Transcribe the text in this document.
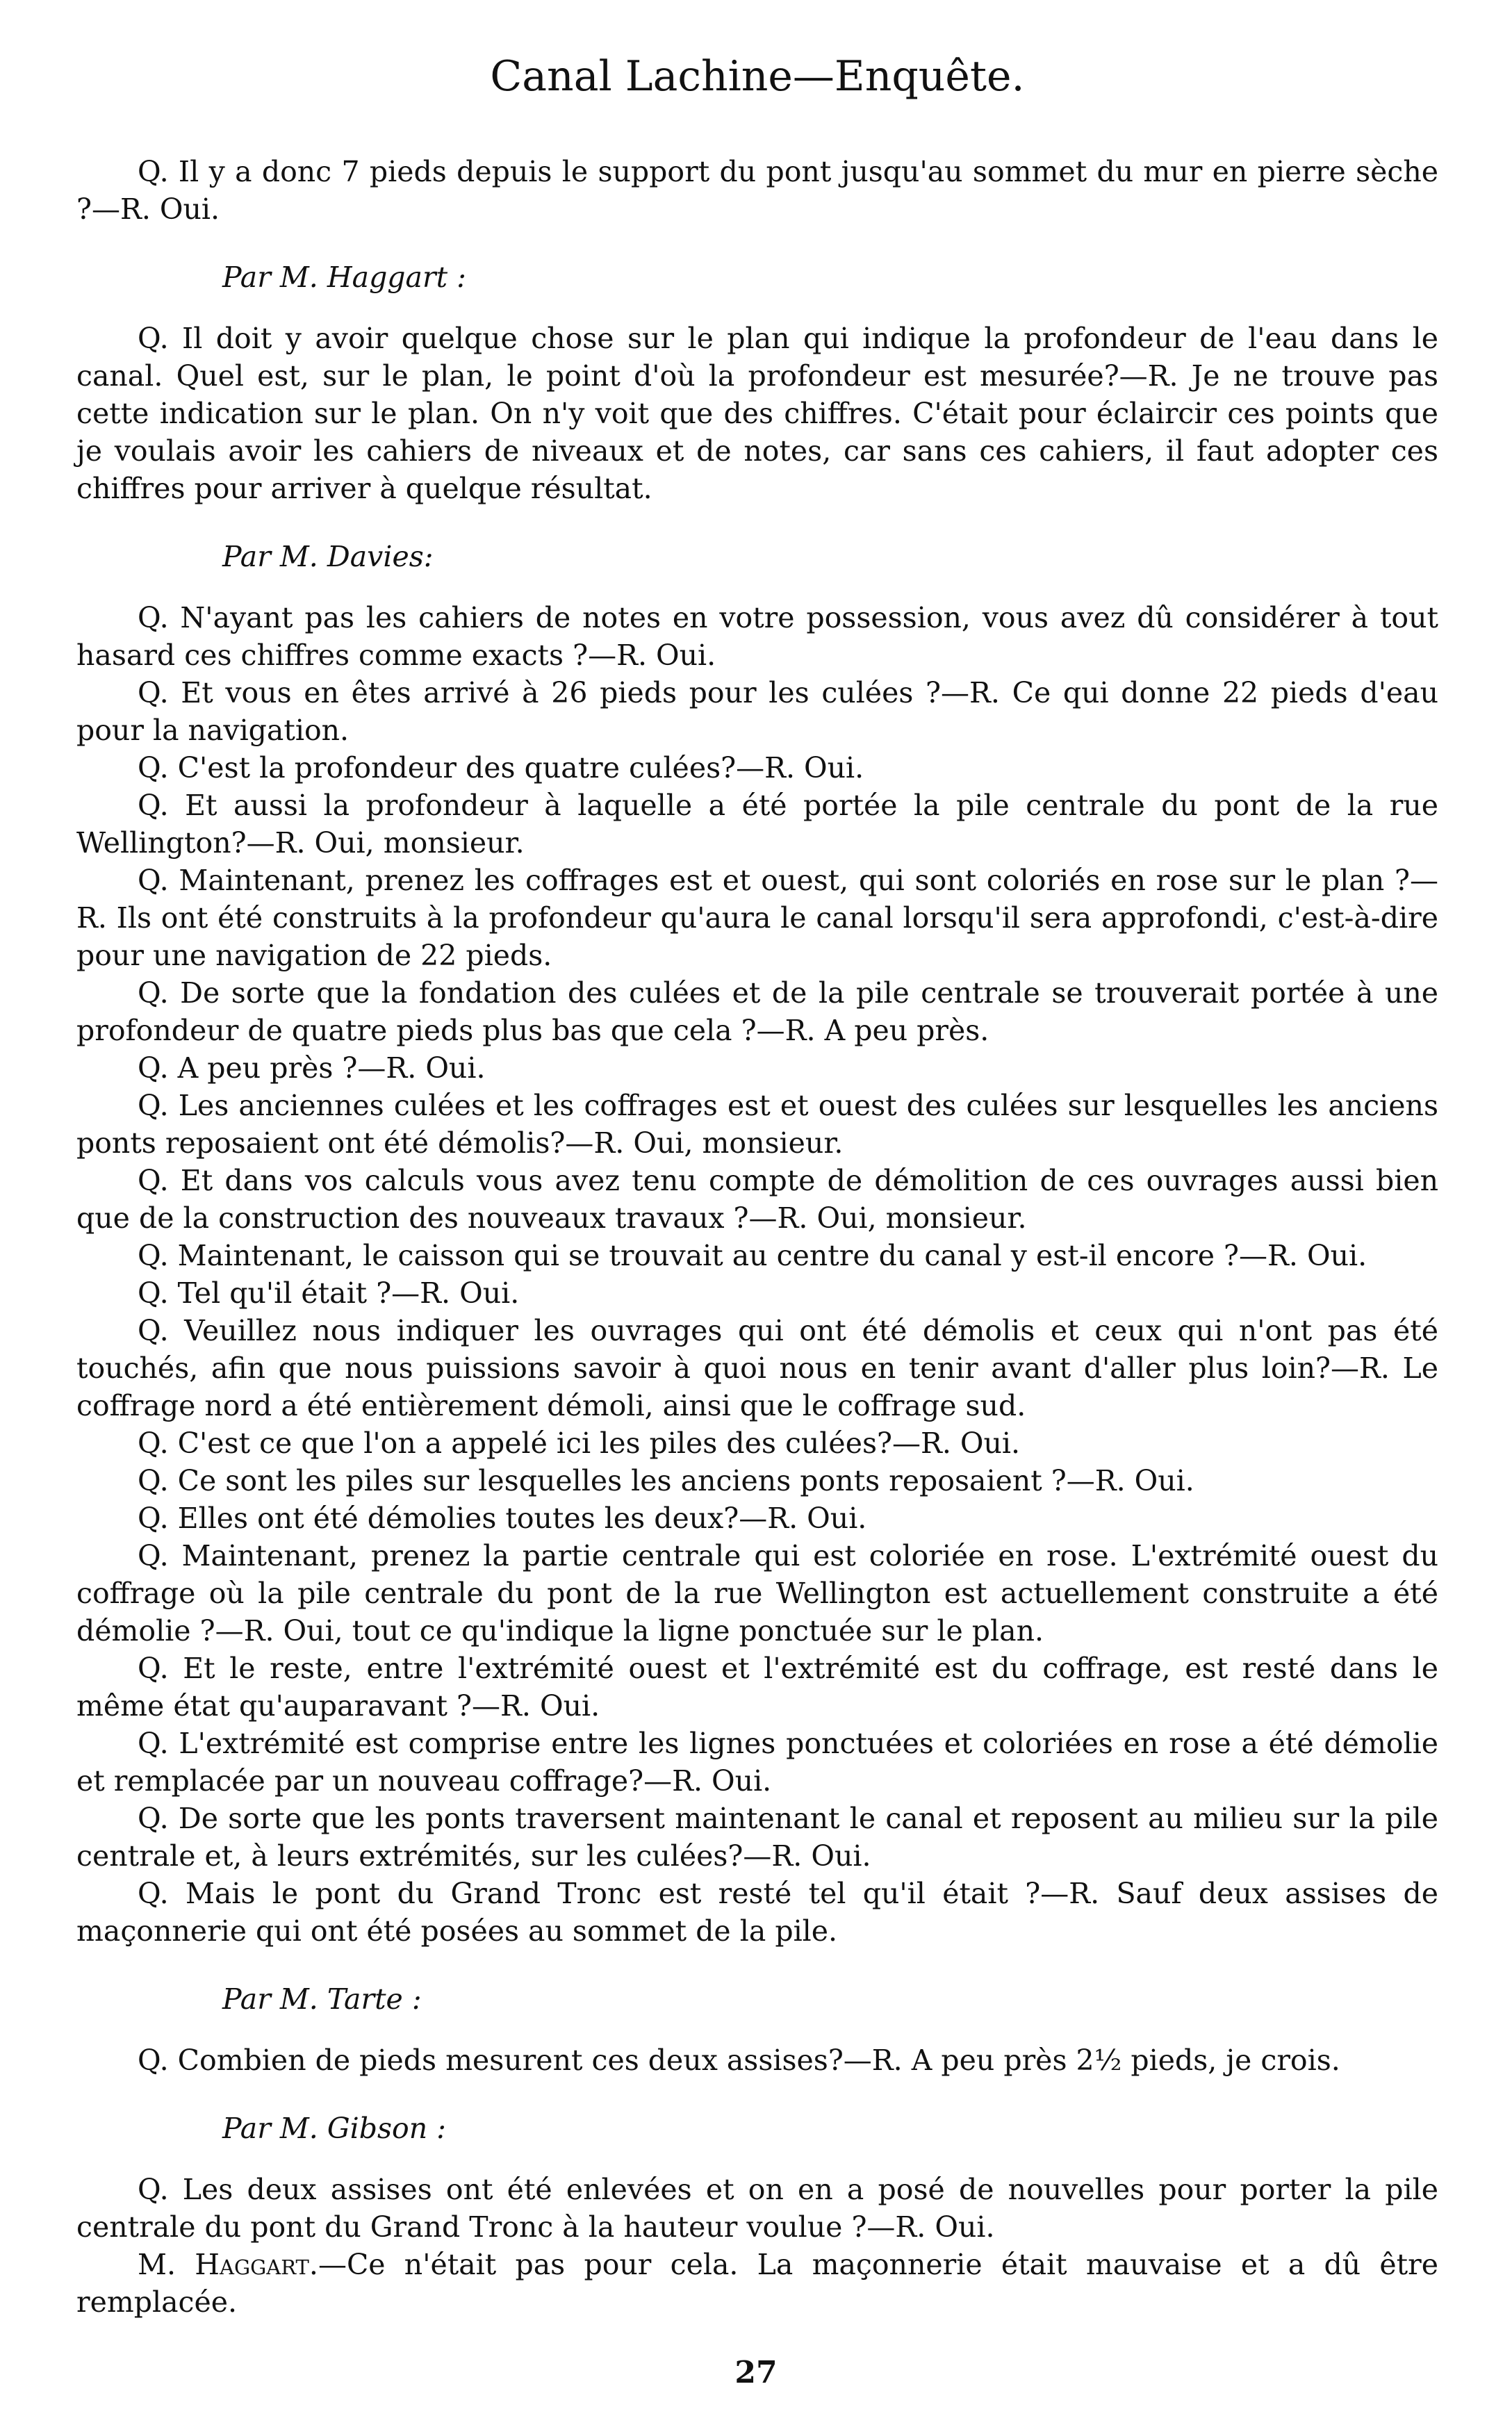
Canal Lachine—Enquête.

Q. Il y a donc 7 pieds depuis le support du pont jusqu'au sommet du mur en pierre sèche ?—R. Oui.

Par M. Haggart :

Q. Il doit y avoir quelque chose sur le plan qui indique la profondeur de l'eau dans le canal. Quel est, sur le plan, le point d'où la profondeur est mesurée?—R. Je ne trouve pas cette indication sur le plan. On n'y voit que des chiffres. C'était pour éclaircir ces points que je voulais avoir les cahiers de niveaux et de notes, car sans ces cahiers, il faut adopter ces chiffres pour arriver à quelque résultat.

Par M. Davies:

Q. N'ayant pas les cahiers de notes en votre possession, vous avez dû considérer à tout hasard ces chiffres comme exacts ?—R. Oui.

Q. Et vous en êtes arrivé à 26 pieds pour les culées ?—R. Ce qui donne 22 pieds d'eau pour la navigation.

Q. C'est la profondeur des quatre culées?—R. Oui.

Q. Et aussi la profondeur à laquelle a été portée la pile centrale du pont de la rue Wellington?—R. Oui, monsieur.

Q. Maintenant, prenez les coffrages est et ouest, qui sont coloriés en rose sur le plan ?—R. Ils ont été construits à la profondeur qu'aura le canal lorsqu'il sera approfondi, c'est-à-dire pour une navigation de 22 pieds.

Q. De sorte que la fondation des culées et de la pile centrale se trouverait portée à une profondeur de quatre pieds plus bas que cela ?—R. A peu près.

Q. A peu près ?—R. Oui.

Q. Les anciennes culées et les coffrages est et ouest des culées sur lesquelles les anciens ponts reposaient ont été démolis?—R. Oui, monsieur.

Q. Et dans vos calculs vous avez tenu compte de démolition de ces ouvrages aussi bien que de la construction des nouveaux travaux ?—R. Oui, monsieur.

Q. Maintenant, le caisson qui se trouvait au centre du canal y est-il encore ?—R. Oui.

Q. Tel qu'il était ?—R. Oui.

Q. Veuillez nous indiquer les ouvrages qui ont été démolis et ceux qui n'ont pas été touchés, afin que nous puissions savoir à quoi nous en tenir avant d'aller plus loin?—R. Le coffrage nord a été entièrement démoli, ainsi que le coffrage sud.

Q. C'est ce que l'on a appelé ici les piles des culées?—R. Oui.

Q. Ce sont les piles sur lesquelles les anciens ponts reposaient ?—R. Oui.

Q. Elles ont été démolies toutes les deux?—R. Oui.

Q. Maintenant, prenez la partie centrale qui est coloriée en rose. L'extrémité ouest du coffrage où la pile centrale du pont de la rue Wellington est actuellement construite a été démolie ?—R. Oui, tout ce qu'indique la ligne ponctuée sur le plan.

Q. Et le reste, entre l'extrémité ouest et l'extrémité est du coffrage, est resté dans le même état qu'auparavant ?—R. Oui.

Q. L'extrémité est comprise entre les lignes ponctuées et coloriées en rose a été démolie et remplacée par un nouveau coffrage?—R. Oui.

Q. De sorte que les ponts traversent maintenant le canal et reposent au milieu sur la pile centrale et, à leurs extrémités, sur les culées?—R. Oui.

Q. Mais le pont du Grand Tronc est resté tel qu'il était ?—R. Sauf deux assises de maçonnerie qui ont été posées au sommet de la pile.

Par M. Tarte :

Q. Combien de pieds mesurent ces deux assises?—R. A peu près 2½ pieds, je crois.

Par M. Gibson :

Q. Les deux assises ont été enlevées et on en a posé de nouvelles pour porter la pile centrale du pont du Grand Tronc à la hauteur voulue ?—R. Oui.

M. Haggart.—Ce n'était pas pour cela. La maçonnerie était mauvaise et a dû être remplacée.

27
